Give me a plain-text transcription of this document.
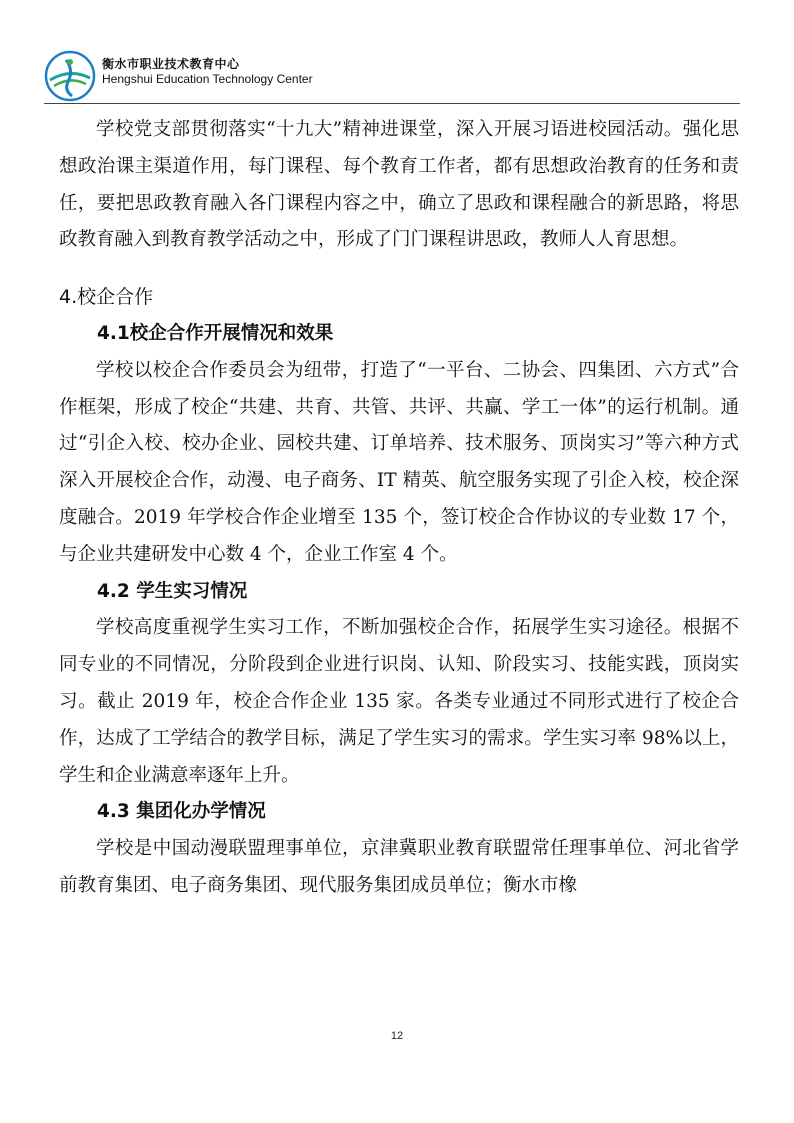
衡水市职业技术教育中心
Hengshui Education Technology Center

学校党支部贯彻落实“十九大”精神进课堂，深入开展习语进校园活动。强化思想政治课主渠道作用，每门课程、每个教育工作者，都有思想政治教育的任务和责任，要把思政教育融入各门课程内容之中，确立了思政和课程融合的新思路，将思政教育融入到教育教学活动之中，形成了门门课程讲思政，教师人人育思想。

4.校企合作

4.1校企合作开展情况和效果

学校以校企合作委员会为纽带，打造了“一平台、二协会、四集团、六方式”合作框架，形成了校企“共建、共育、共管、共评、共赢、学工一体”的运行机制。通过“引企入校、校办企业、园校共建、订单培养、技术服务、顶岗实习”等六种方式深入开展校企合作，动漫、电子商务、IT 精英、航空服务实现了引企入校，校企深度融合。2019 年学校合作企业增至 135 个，签订校企合作协议的专业数 17 个，与企业共建研发中心数 4 个，企业工作室 4 个。

4.2 学生实习情况

学校高度重视学生实习工作，不断加强校企合作，拓展学生实习途径。根据不同专业的不同情况，分阶段到企业进行识岗、认知、阶段实习、技能实践，顶岗实习。截止 2019 年，校企合作企业 135 家。各类专业通过不同形式进行了校企合作，达成了工学结合的教学目标，满足了学生实习的需求。学生实习率 98%以上，学生和企业满意率逐年上升。

4.3 集团化办学情况

学校是中国动漫联盟理事单位，京津冀职业教育联盟常任理事单位、河北省学前教育集团、电子商务集团、现代服务集团成员单位；衡水市橡

12
